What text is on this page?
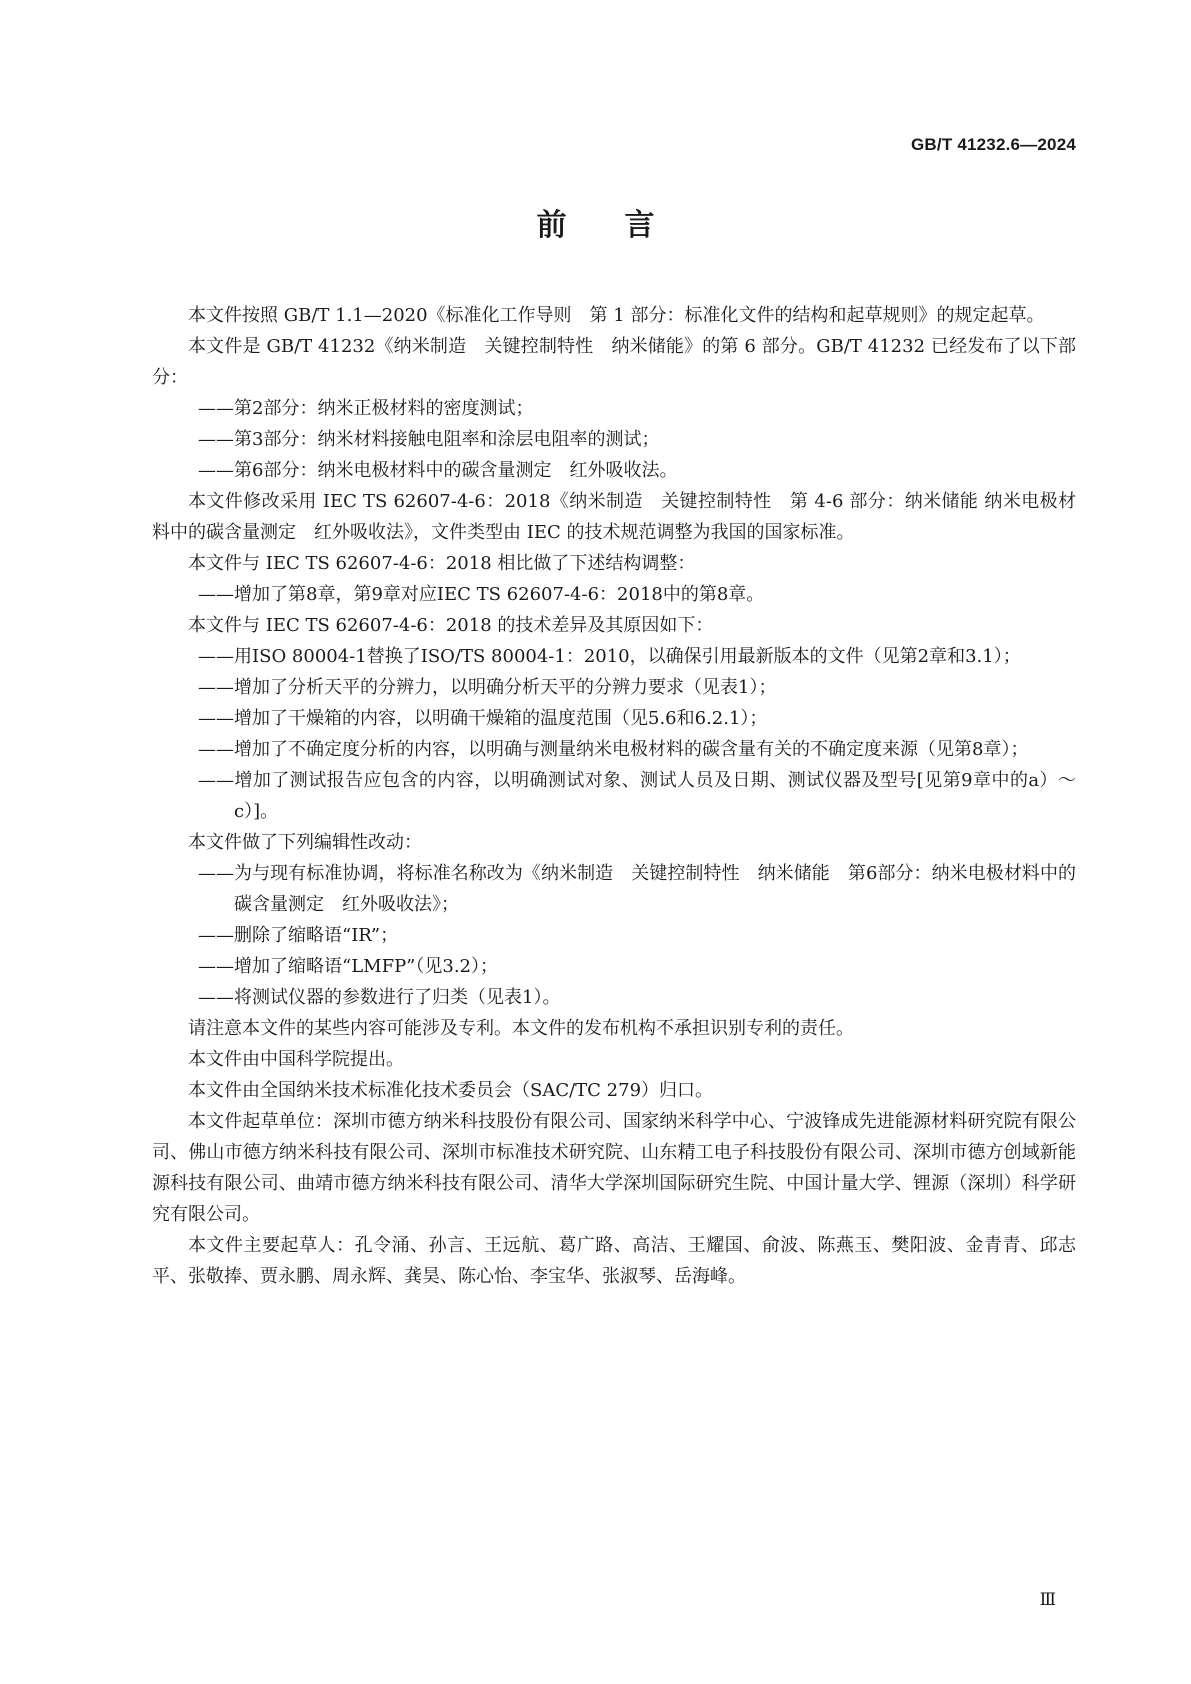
GB/T 41232.6—2024
前 言

本文件按照 GB/T 1.1—2020《标准化工作导则　第 1 部分：标准化文件的结构和起草规则》的规定起草。

本文件是 GB/T 41232《纳米制造　关键控制特性　纳米储能》的第 6 部分。GB/T 41232 已经发布了以下部分：

——第2部分：纳米正极材料的密度测试；

——第3部分：纳米材料接触电阻率和涂层电阻率的测试；

——第6部分：纳米电极材料中的碳含量测定　红外吸收法。

本文件修改采用 IEC TS 62607-4-6：2018《纳米制造　关键控制特性　第 4-6 部分：纳米储能 纳米电极材料中的碳含量测定　红外吸收法》，文件类型由 IEC 的技术规范调整为我国的国家标准。

本文件与 IEC TS 62607-4-6：2018 相比做了下述结构调整：

——增加了第8章，第9章对应IEC TS 62607-4-6：2018中的第8章。

本文件与 IEC TS 62607-4-6：2018 的技术差异及其原因如下：

——用ISO 80004-1替换了ISO/TS 80004-1：2010，以确保引用最新版本的文件（见第2章和3.1）；

——增加了分析天平的分辨力，以明确分析天平的分辨力要求（见表1）；

——增加了干燥箱的内容，以明确干燥箱的温度范围（见5.6和6.2.1）；

——增加了不确定度分析的内容，以明确与测量纳米电极材料的碳含量有关的不确定度来源（见第8章）；

——增加了测试报告应包含的内容，以明确测试对象、测试人员及日期、测试仪器及型号[见第9章中的a）～c）]。

本文件做了下列编辑性改动：

——为与现有标准协调，将标准名称改为《纳米制造　关键控制特性　纳米储能　第6部分：纳米电极材料中的碳含量测定　红外吸收法》；

——删除了缩略语“IR”；

——增加了缩略语“LMFP”（见3.2）；

——将测试仪器的参数进行了归类（见表1）。

请注意本文件的某些内容可能涉及专利。本文件的发布机构不承担识别专利的责任。

本文件由中国科学院提出。

本文件由全国纳米技术标准化技术委员会（SAC/TC 279）归口。

本文件起草单位：深圳市德方纳米科技股份有限公司、国家纳米科学中心、宁波锋成先进能源材料研究院有限公司、佛山市德方纳米科技有限公司、深圳市标准技术研究院、山东精工电子科技股份有限公司、深圳市德方创域新能源科技有限公司、曲靖市德方纳米科技有限公司、清华大学深圳国际研究生院、中国计量大学、锂源（深圳）科学研究有限公司。

本文件主要起草人：孔令涌、孙言、王远航、葛广路、高洁、王耀国、俞波、陈燕玉、樊阳波、金青青、邱志平、张敬捧、贾永鹏、周永辉、龚昊、陈心怡、李宝华、张淑琴、岳海峰。

Ⅲ
